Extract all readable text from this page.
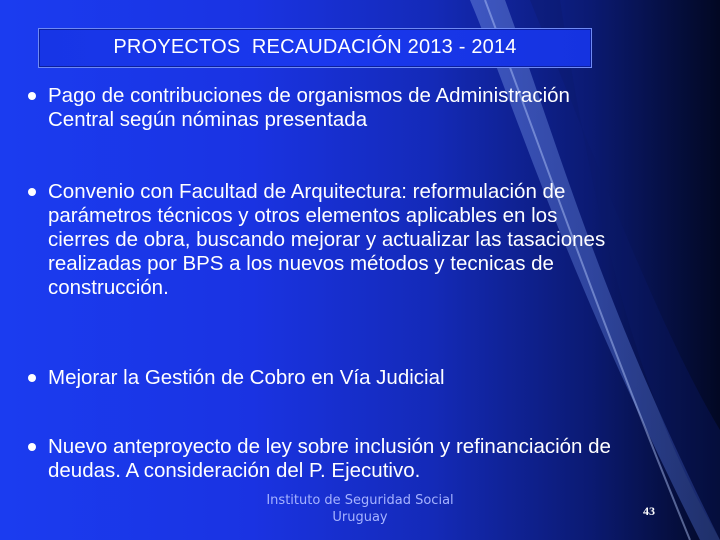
PROYECTOS  RECAUDACIÓN 2013 - 2014
Pago de contribuciones de organismos de Administración
Central según nóminas presentada
Convenio con Facultad de Arquitectura: reformulación de
parámetros técnicos y otros elementos aplicables en los
cierres de obra, buscando mejorar y actualizar las tasaciones
realizadas por BPS a los nuevos métodos y tecnicas de
construcción.
Mejorar la Gestión de Cobro en Vía Judicial
Nuevo anteproyecto de ley sobre inclusión y refinanciación de
deudas. A consideración del P. Ejecutivo.
Instituto de Seguridad Social
Uruguay	43
